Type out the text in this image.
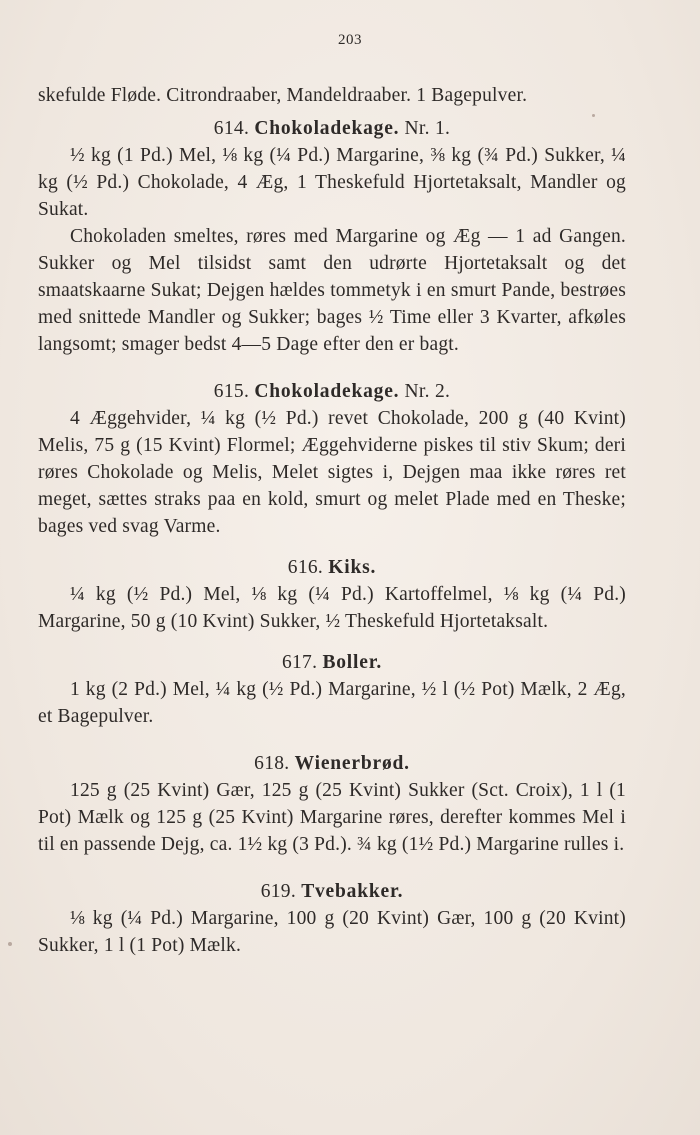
203

skefulde Fløde. Citrondraaber, Mandeldraaber. 1 Bagepulver.

614. Chokoladekage. Nr. 1.

½ kg (1 Pd.) Mel, ⅛ kg (¼ Pd.) Margarine, ⅜ kg (¾ Pd.) Sukker, ¼ kg (½ Pd.) Chokolade, 4 Æg, 1 Theskefuld Hjortetaksalt, Mandler og Sukat.

Chokoladen smeltes, røres med Margarine og Æg — 1 ad Gangen. Sukker og Mel tilsidst samt den udrørte Hjortetaksalt og det smaatskaarne Sukat; Dejgen hældes tommetyk i en smurt Pande, bestrøes med snittede Mandler og Sukker; bages ½ Time eller 3 Kvarter, afkøles langsomt; smager bedst 4—5 Dage efter den er bagt.

615. Chokoladekage. Nr. 2.

4 Æggehvider, ¼ kg (½ Pd.) revet Chokolade, 200 g (40 Kvint) Melis, 75 g (15 Kvint) Flormel; Æggehviderne piskes til stiv Skum; deri røres Chokolade og Melis, Melet sigtes i, Dejgen maa ikke røres ret meget, sættes straks paa en kold, smurt og melet Plade med en Theske; bages ved svag Varme.

616. Kiks.

¼ kg (½ Pd.) Mel, ⅛ kg (¼ Pd.) Kartoffelmel, ⅛ kg (¼ Pd.) Margarine, 50 g (10 Kvint) Sukker, ½ Theskefuld Hjortetaksalt.

617. Boller.

1 kg (2 Pd.) Mel, ¼ kg (½ Pd.) Margarine, ½ l (½ Pot) Mælk, 2 Æg, et Bagepulver.

618. Wienerbrød.

125 g (25 Kvint) Gær, 125 g (25 Kvint) Sukker (Sct. Croix), 1 l (1 Pot) Mælk og 125 g (25 Kvint) Margarine røres, derefter kommes Mel i til en passende Dejg, ca. 1½ kg (3 Pd.). ¾ kg (1½ Pd.) Margarine rulles i.

619. Tvebakker.

⅛ kg (¼ Pd.) Margarine, 100 g (20 Kvint) Gær, 100 g (20 Kvint) Sukker, 1 l (1 Pot) Mælk.
